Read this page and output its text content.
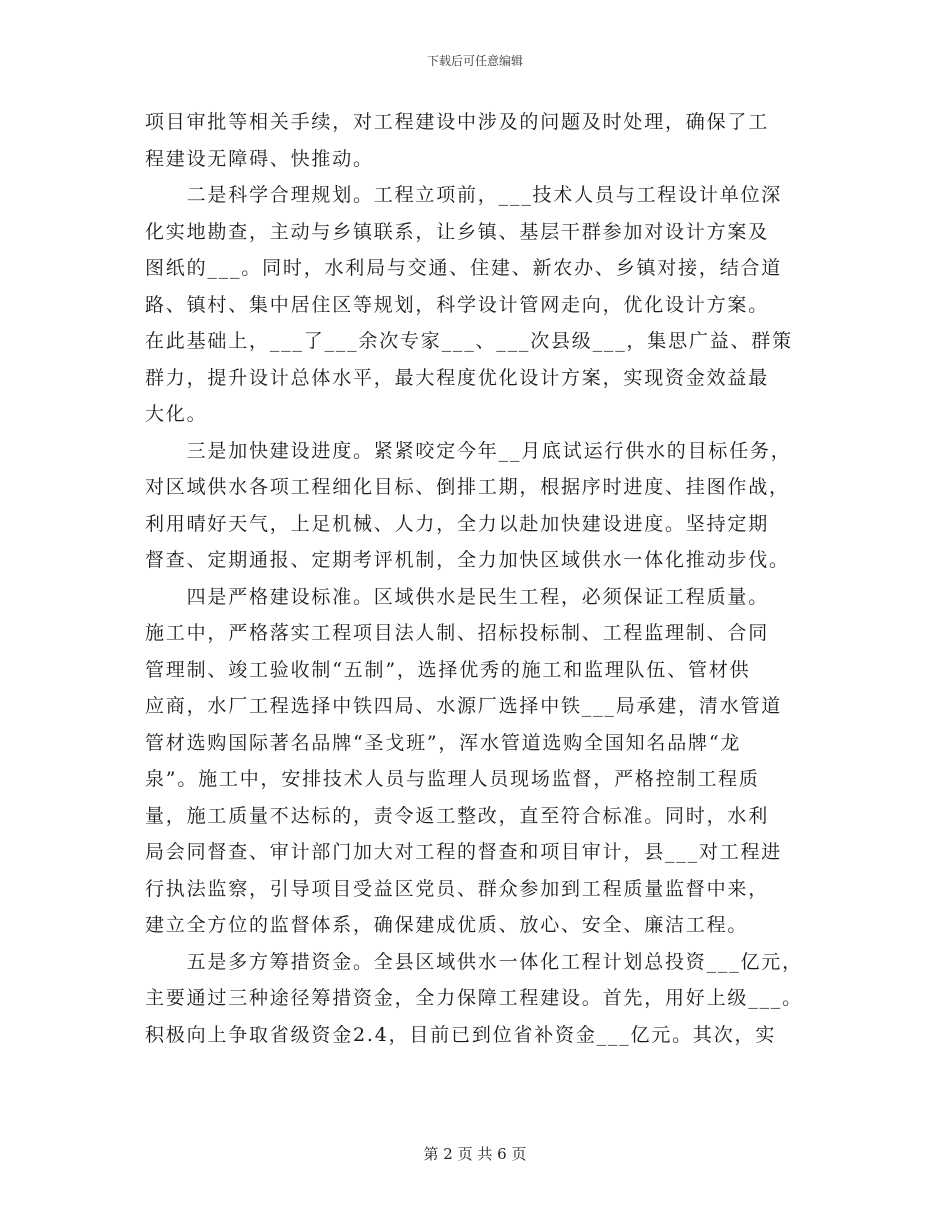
下载后可任意编辑
项目审批等相关手续，对工程建设中涉及的问题及时处理，确保了工
程建设无障碍、快推动。
　　二是科学合理规划。工程立项前，___技术人员与工程设计单位深
化实地勘查，主动与乡镇联系，让乡镇、基层干群参加对设计方案及
图纸的___。同时，水利局与交通、住建、新农办、乡镇对接，结合道
路、镇村、集中居住区等规划，科学设计管网走向，优化设计方案。
在此基础上，___了___余次专家___、___次县级___，集思广益、群策
群力，提升设计总体水平，最大程度优化设计方案，实现资金效益最
大化。
　　三是加快建设进度。紧紧咬定今年__月底试运行供水的目标任务，
对区域供水各项工程细化目标、倒排工期，根据序时进度、挂图作战，
利用晴好天气，上足机械、人力，全力以赴加快建设进度。坚持定期
督查、定期通报、定期考评机制，全力加快区域供水一体化推动步伐。
　　四是严格建设标准。区域供水是民生工程，必须保证工程质量。
施工中，严格落实工程项目法人制、招标投标制、工程监理制、合同
管理制、竣工验收制“五制”，选择优秀的施工和监理队伍、管材供
应商，水厂工程选择中铁四局、水源厂选择中铁___局承建，清水管道
管材选购国际著名品牌“圣戈班”，浑水管道选购全国知名品牌“龙
泉”。施工中，安排技术人员与监理人员现场监督，严格控制工程质
量，施工质量不达标的，责令返工整改，直至符合标准。同时，水利
局会同督查、审计部门加大对工程的督查和项目审计，县___对工程进
行执法监察，引导项目受益区党员、群众参加到工程质量监督中来，
建立全方位的监督体系，确保建成优质、放心、安全、廉洁工程。
　　五是多方筹措资金。全县区域供水一体化工程计划总投资___亿元，
主要通过三种途径筹措资金，全力保障工程建设。首先，用好上级___。
积极向上争取省级资金2.4，目前已到位省补资金___亿元。其次，实
第 2 页 共 6 页
